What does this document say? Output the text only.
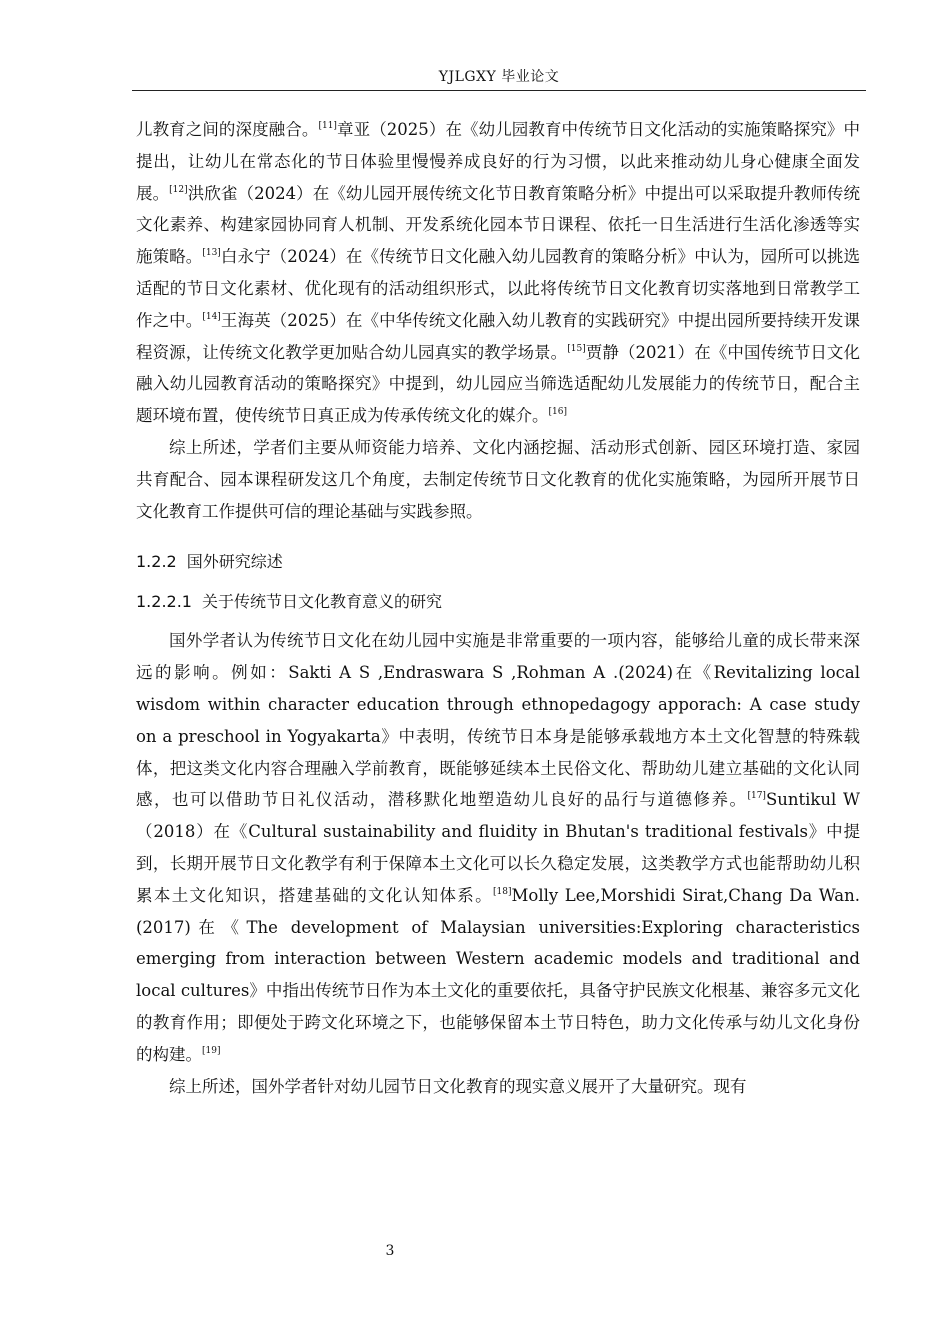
YJLGXY 毕业论文

儿教育之间的深度融合。[11]章亚（2025）在《幼儿园教育中传统节日文化活动的实施策略探究》中提出，让幼儿在常态化的节日体验里慢慢养成良好的行为习惯，以此来推动幼儿身心健康全面发展。[12]洪欣雀（2024）在《幼儿园开展传统文化节日教育策略分析》中提出可以采取提升教师传统文化素养、构建家园协同育人机制、开发系统化园本节日课程、依托一日生活进行生活化渗透等实施策略。[13]白永宁（2024）在《传统节日文化融入幼儿园教育的策略分析》中认为，园所可以挑选适配的节日文化素材、优化现有的活动组织形式，以此将传统节日文化教育切实落地到日常教学工作之中。[14]王海英（2025）在《中华传统文化融入幼儿教育的实践研究》中提出园所要持续开发课程资源，让传统文化教学更加贴合幼儿园真实的教学场景。[15]贾静（2021）在《中国传统节日文化融入幼儿园教育活动的策略探究》中提到，幼儿园应当筛选适配幼儿发展能力的传统节日，配合主题环境布置，使传统节日真正成为传承传统文化的媒介。[16]

综上所述，学者们主要从师资能力培养、文化内涵挖掘、活动形式创新、园区环境打造、家园共育配合、园本课程研发这几个角度，去制定传统节日文化教育的优化实施策略，为园所开展节日文化教育工作提供可信的理论基础与实践参照。

1.2.2 国外研究综述
1.2.2.1 关于传统节日文化教育意义的研究

国外学者认为传统节日文化在幼儿园中实施是非常重要的一项内容，能够给儿童的成长带来深远的影响。例如：Sakti A S ,Endraswara S ,Rohman A .(2024)在《Revitalizing local wisdom within character education through ethnopedagogy apporach: A case study on a preschool in Yogyakarta》中表明，传统节日本身是能够承载地方本土文化智慧的特殊载体，把这类文化内容合理融入学前教育，既能够延续本土民俗文化、帮助幼儿建立基础的文化认同感，也可以借助节日礼仪活动，潜移默化地塑造幼儿良好的品行与道德修养。[17]Suntikul W（2018）在《Cultural sustainability and fluidity in Bhutan's traditional festivals》中提到，长期开展节日文化教学有利于保障本土文化可以长久稳定发展，这类教学方式也能帮助幼儿积累本土文化知识，搭建基础的文化认知体系。[18]Molly Lee,Morshidi Sirat,Chang Da Wan.(2017)在《The development of Malaysian universities:Exploring characteristics emerging from interaction between Western academic models and traditional and local cultures》中指出传统节日作为本土文化的重要依托，具备守护民族文化根基、兼容多元文化的教育作用；即便处于跨文化环境之下，也能够保留本土节日特色，助力文化传承与幼儿文化身份的构建。[19]

综上所述，国外学者针对幼儿园节日文化教育的现实意义展开了大量研究。现有

3
